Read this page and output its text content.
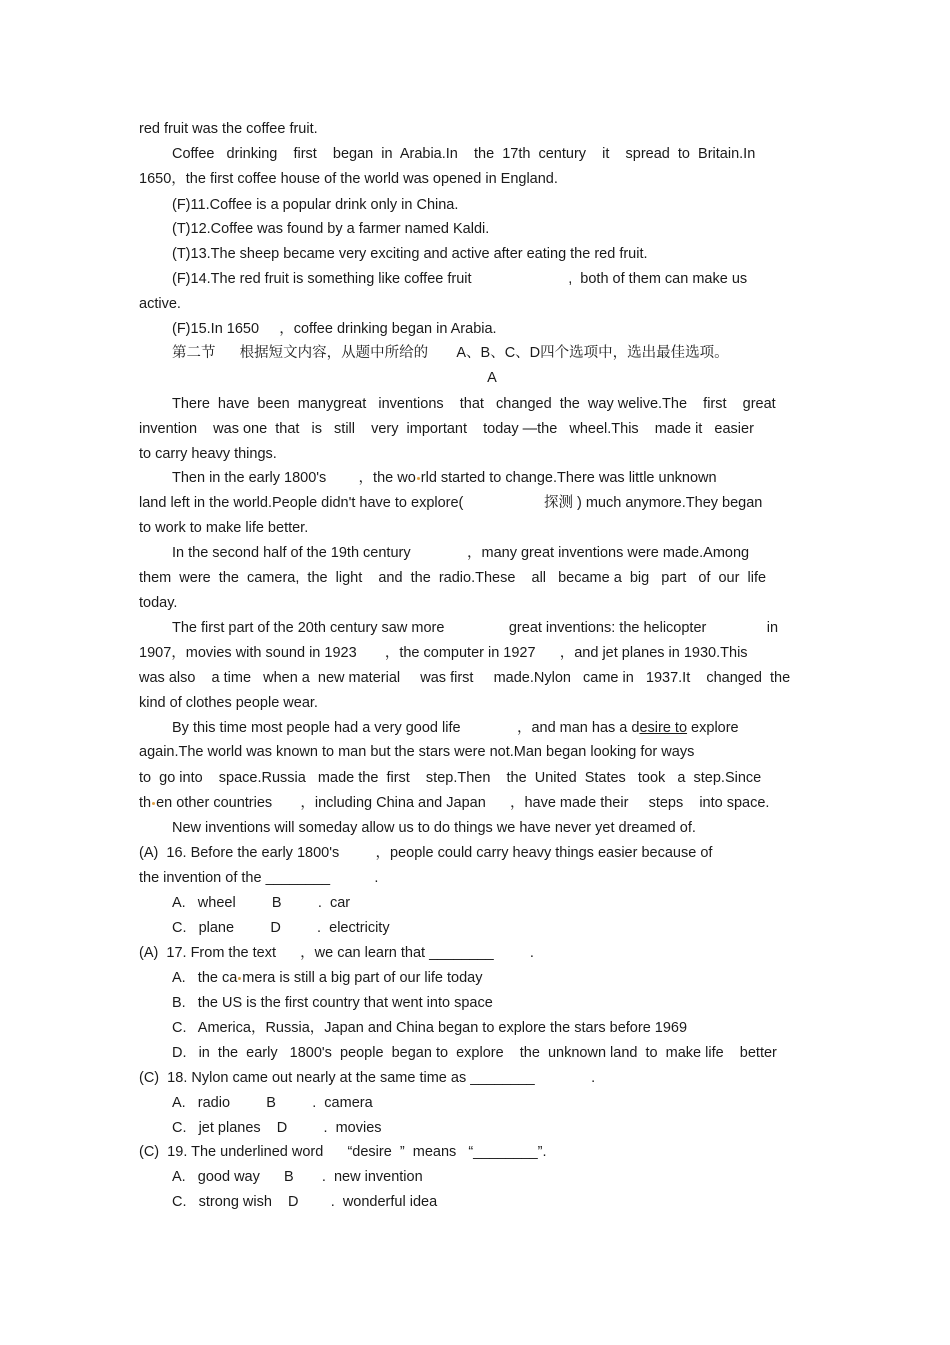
red fruit was the coffee fruit.
Coffee   drinking    first    began  in  Arabia.In    the  17th  century    it    spread  to  Britain.In
1650，the first coffee house of the world was opened in England.
(F)11.Coffee is a popular drink only in China.
(T)12.Coffee was found by a farmer named Kaldi.
(T)13.The sheep became very exciting and active after eating the red fruit.
(F)14.The red fruit is something like coffee fruit                        ,  both of them can make us
active.
(F)15.In 1650     ，coffee drinking began in Arabia.
第二节      根据短文内容，从题中所给的       A、B、C、D四个选项中，选出最佳选项。
A
There  have  been  manygreat   inventions    that   changed  the  way welive.The    first    great
invention    was one  that   is   still    very  important    today —the   wheel.This    made it   easier
to carry heavy things.
Then in the early 1800's        ，the wo rld started to change.There was little unknown
land left in the world.People didn't have to explore(                    探测 ) much anymore.They began
to work to make life better.
In the second half of the 19th century              ，many great inventions were made.Among
them  were  the  camera,  the  light    and  the  radio.These    all   became a  big   part   of  our  life
today.
The first part of the 20th century saw more                great inventions: the helicopter               in
1907，movies with sound in 1923       ，the computer in 1927      ，and jet planes in 1930.This
was also    a time   when a  new material     was first     made.Nylon   came in   1937.It    changed  the
kind of clothes people wear.
By this time most people had a very good life              ，and man has a desire to explore
again.The world was known to man but the stars were not.Man began looking for ways
to  go into    space.Russia   made the  first    step.Then    the  United  States   took   a  step.Since
th en other countries       ，including China and Japan      ，have made their     steps    into space.
New inventions will someday allow us to do things we have never yet dreamed of.
(A)  16. Before the early 1800's         ，people could carry heavy things easier because of
the invention of the ________           .
A.   wheel         B         .  car
C.   plane         D         .  electricity
(A)  17. From the text      ，we can learn that ________         .
A.   the ca mera is still a big part of our life today
B.   the US is the first country that went into space
C.   America，Russia，Japan and China began to explore the stars before 1969
D.   in  the  early   1800's  people  began to  explore    the  unknown land  to  make life    better
(C)  18. Nylon came out nearly at the same time as ________              .
A.   radio         B         .  camera
C.   jet planes    D         .  movies
(C)  19. The underlined word      “desire  ”  means   “________”.
A.   good way      B       .  new invention
C.   strong wish    D        .  wonderful idea
